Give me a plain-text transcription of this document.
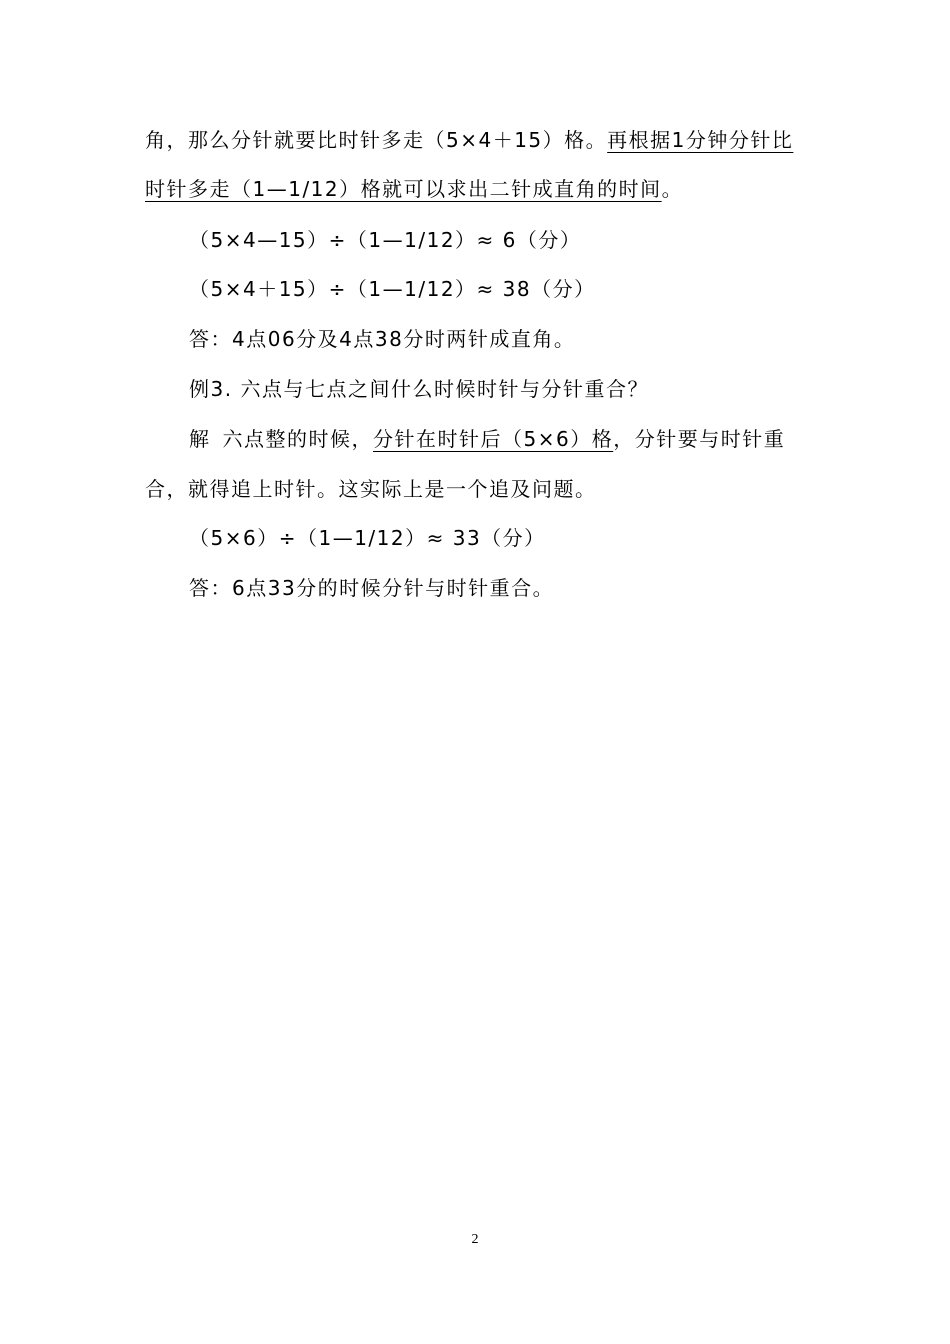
角，那么分针就要比时针多走（5×4＋15）格。再根据1分钟分针比
时针多走（1—1/12）格就可以求出二针成直角的时间。
（5×4—15）÷（1—1/12）≈ 6（分）
（5×4＋15）÷（1—1/12）≈ 38（分）
答：4点06分及4点38分时两针成直角。
例3. 六点与七点之间什么时候时针与分针重合？
解 六点整的时候，分针在时针后（5×6）格，分针要与时针重
合，就得追上时针。这实际上是一个追及问题。
（5×6）÷（1—1/12）≈ 33（分）
答：6点33分的时候分针与时针重合。
2
